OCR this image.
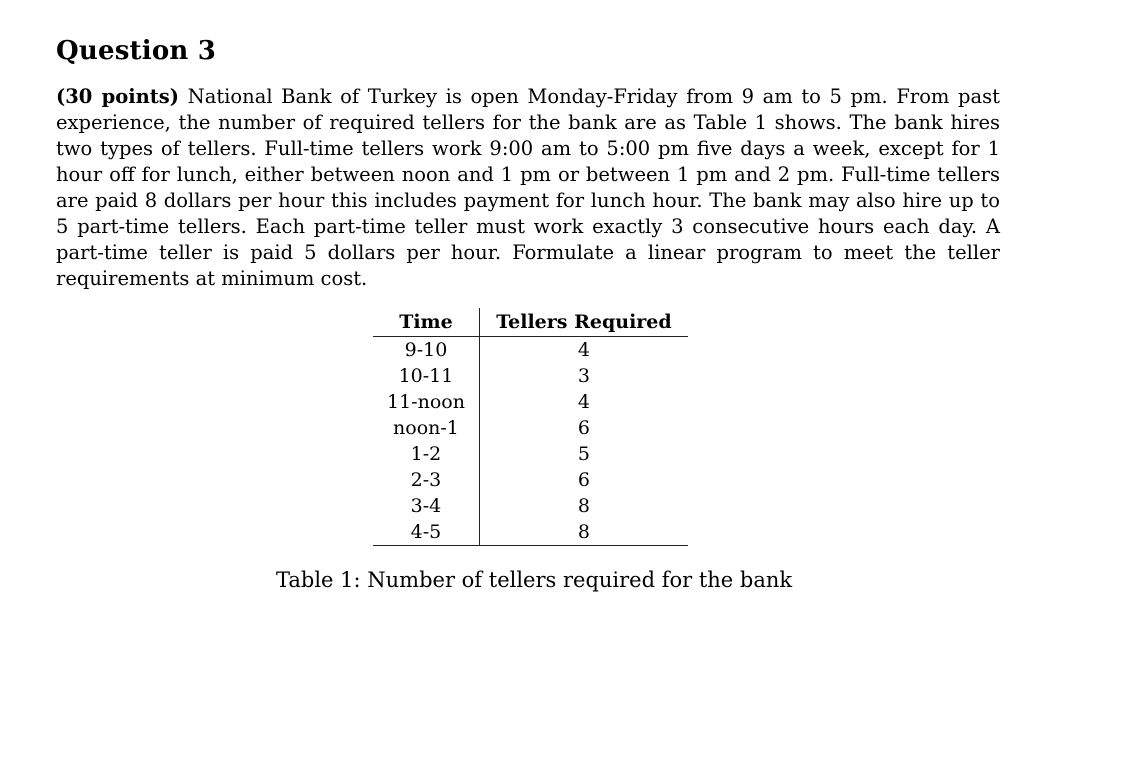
Question 3

(30 points) National Bank of Turkey is open Monday-Friday from 9 am to 5 pm. From past experience, the number of required tellers for the bank are as Table 1 shows. The bank hires two types of tellers. Full-time tellers work 9:00 am to 5:00 pm five days a week, except for 1 hour off for lunch, either between noon and 1 pm or between 1 pm and 2 pm. Full-time tellers are paid 8 dollars per hour this includes payment for lunch hour. The bank may also hire up to 5 part-time tellers. Each part-time teller must work exactly 3 consecutive hours each day. A part-time teller is paid 5 dollars per hour. Formulate a linear program to meet the teller requirements at minimum cost.

Time	Tellers Required
9-10	4
10-11	3
11-noon	4
noon-1	6
1-2	5
2-3	6
3-4	8
4-5	8
Table 1: Number of tellers required for the bank
